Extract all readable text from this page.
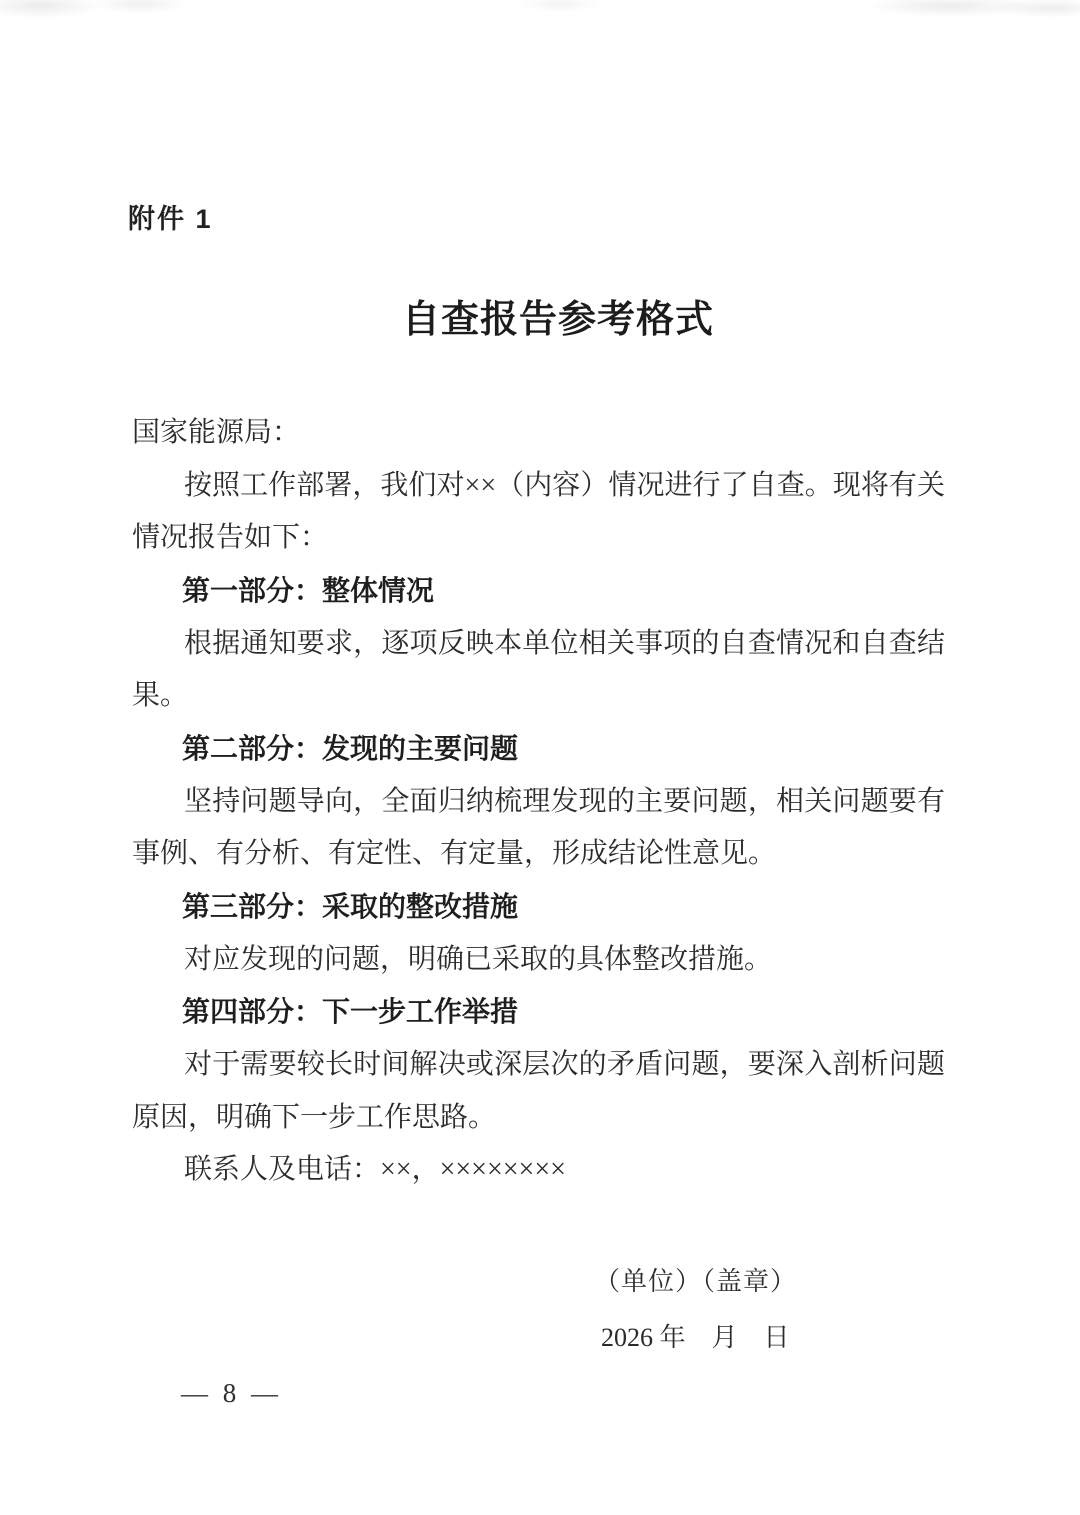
附件 1
自查报告参考格式
国家能源局：
按照工作部署，我们对××（内容）情况进行了自查。现将有关
情况报告如下：
第一部分：整体情况
根据通知要求，逐项反映本单位相关事项的自查情况和自查结
果。
第二部分：发现的主要问题
坚持问题导向，全面归纳梳理发现的主要问题，相关问题要有
事例、有分析、有定性、有定量，形成结论性意见。
第三部分：采取的整改措施
对应发现的问题，明确已采取的具体整改措施。
第四部分：下一步工作举措
对于需要较长时间解决或深层次的矛盾问题，要深入剖析问题
原因，明确下一步工作思路。
联系人及电话：××，××××××××
（单位）（盖章）
2026 年　月　日
— 8 —
